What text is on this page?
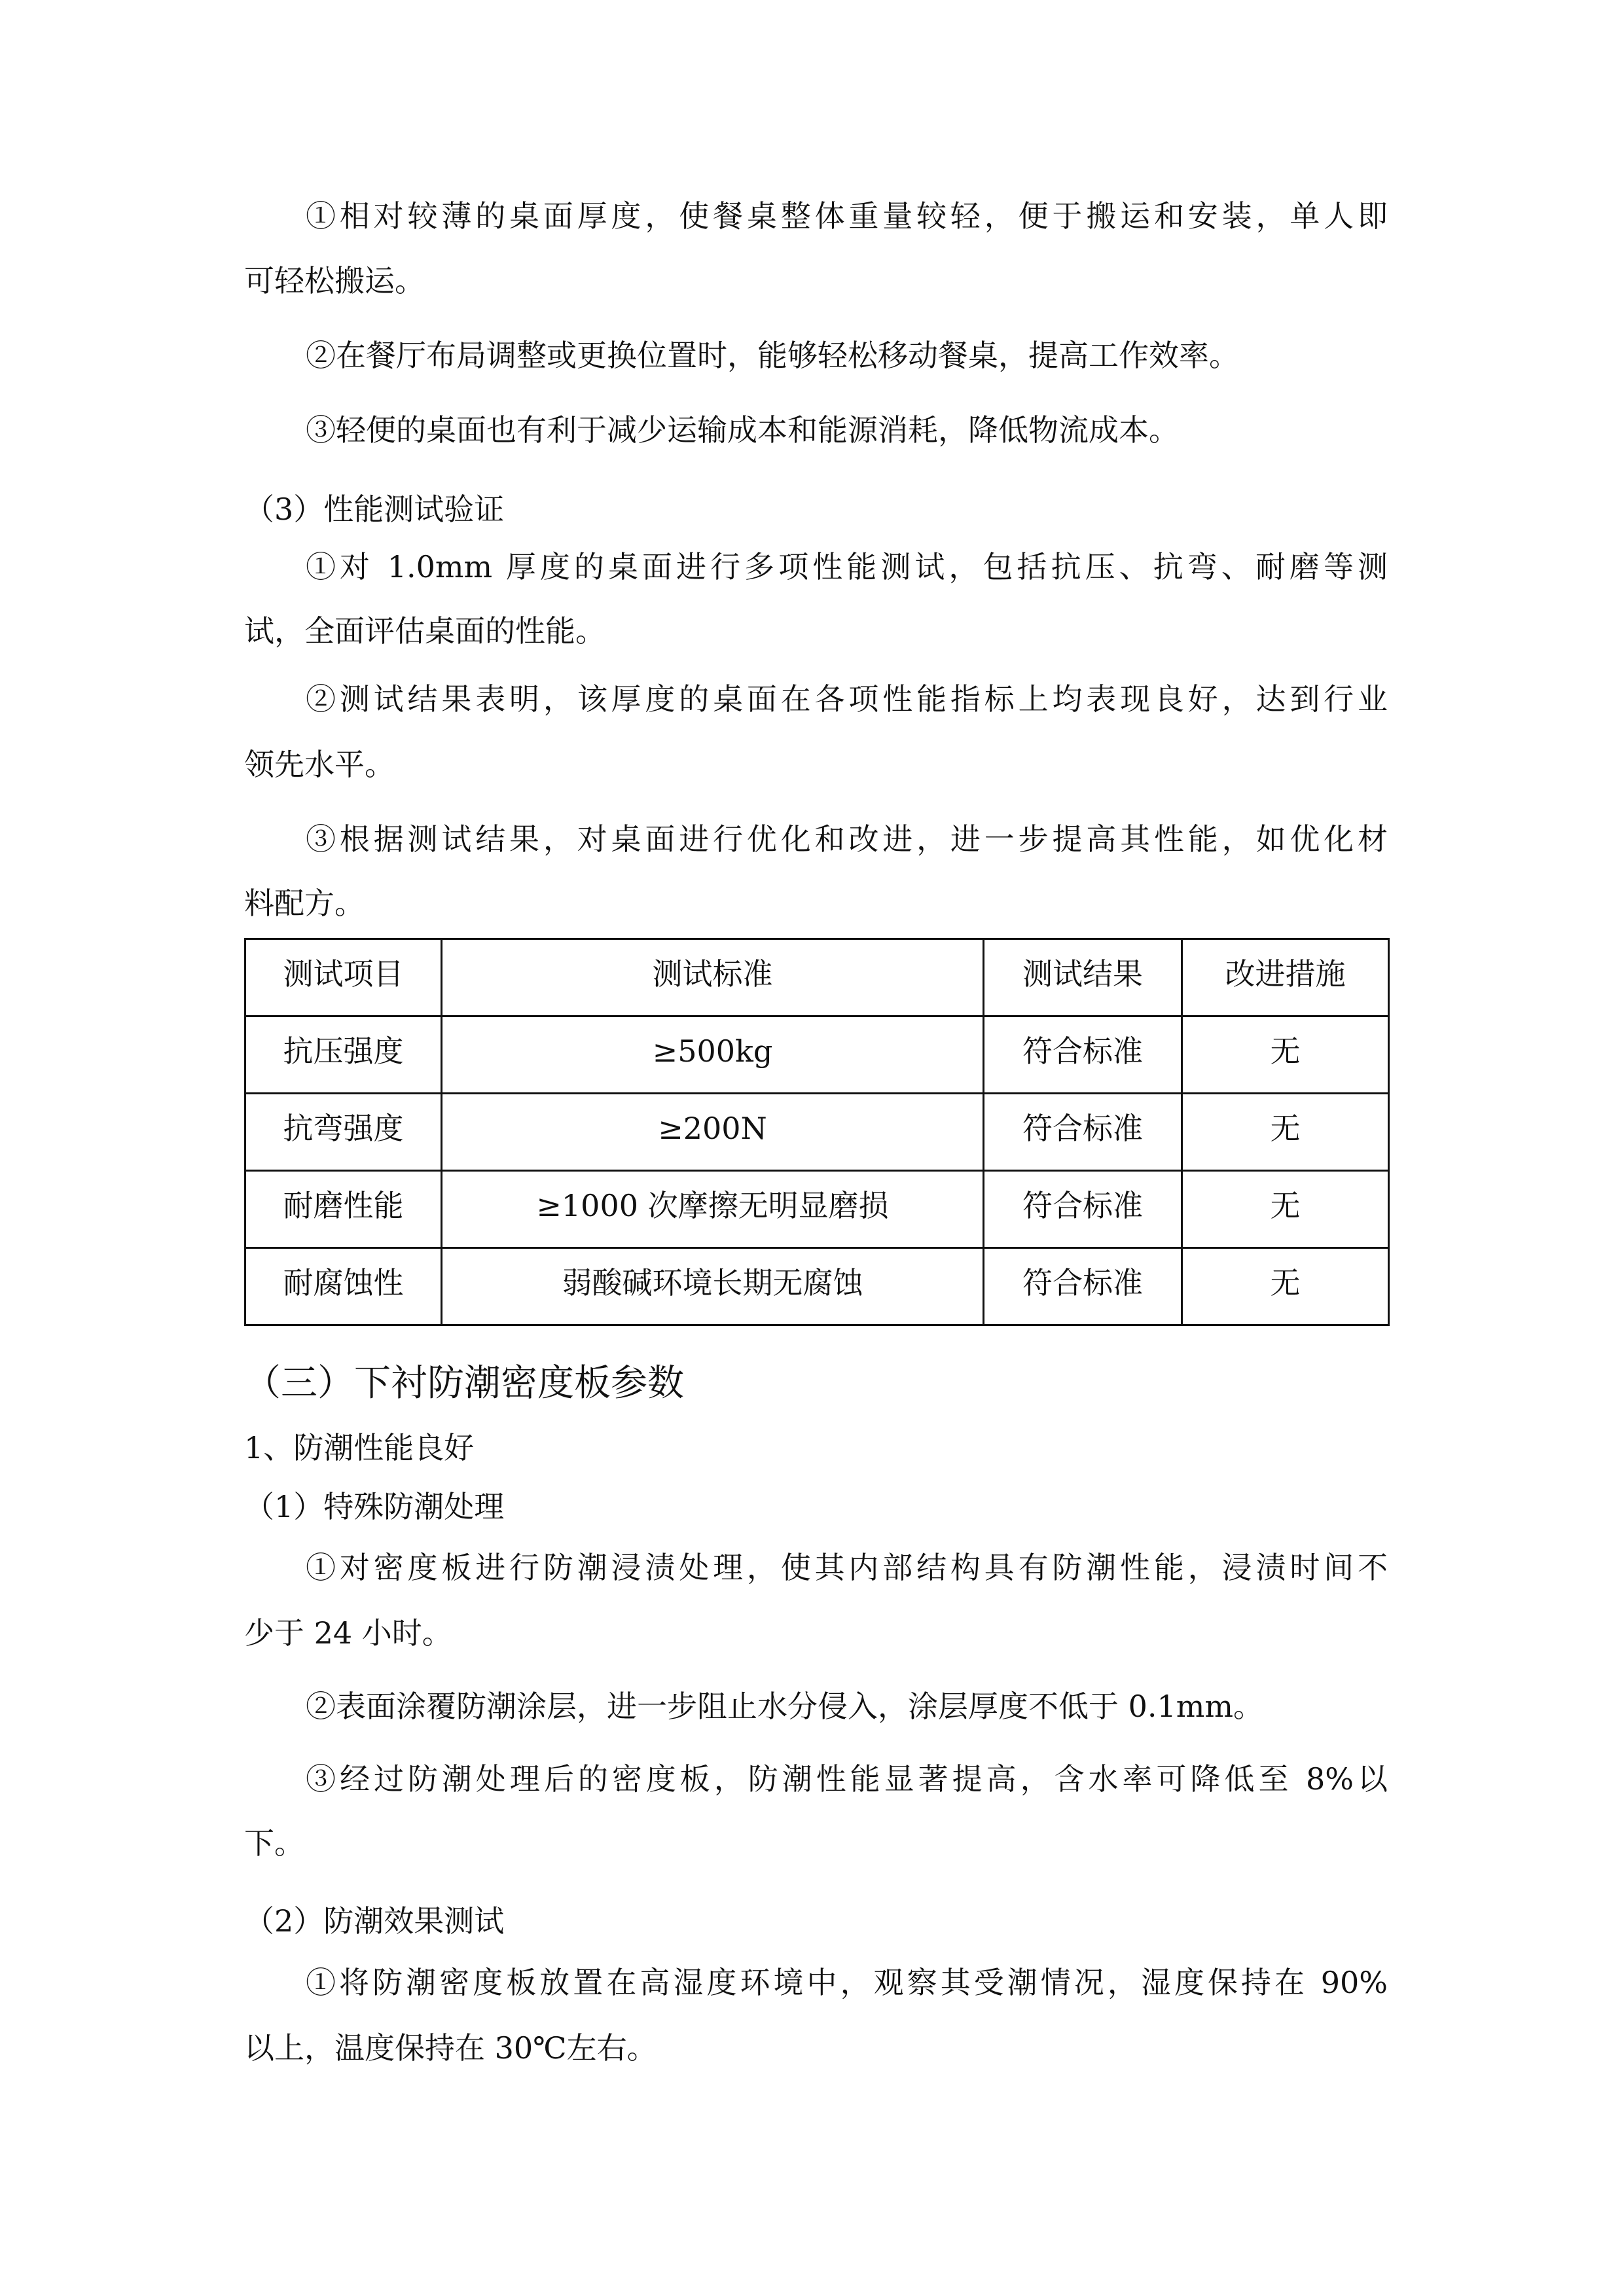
①相对较薄的桌面厚度，使餐桌整体重量较轻，便于搬运和安装，单人即

可轻松搬运。

②在餐厅布局调整或更换位置时，能够轻松移动餐桌，提高工作效率。

③轻便的桌面也有利于减少运输成本和能源消耗，降低物流成本。

（3）性能测试验证

①对 1.0mm 厚度的桌面进行多项性能测试，包括抗压、抗弯、耐磨等测

试，全面评估桌面的性能。

②测试结果表明，该厚度的桌面在各项性能指标上均表现良好，达到行业

领先水平。

③根据测试结果，对桌面进行优化和改进，进一步提高其性能，如优化材

料配方。

测试项目	测试标准	测试结果	改进措施
抗压强度	≥500kg	符合标准	无
抗弯强度	≥200N	符合标准	无
耐磨性能	≥1000 次摩擦无明显磨损	符合标准	无
耐腐蚀性	弱酸碱环境长期无腐蚀	符合标准	无
（三）下衬防潮密度板参数

1、防潮性能良好

（1）特殊防潮处理

①对密度板进行防潮浸渍处理，使其内部结构具有防潮性能，浸渍时间不

少于 24 小时。

②表面涂覆防潮涂层，进一步阻止水分侵入，涂层厚度不低于 0.1mm。

③经过防潮处理后的密度板，防潮性能显著提高，含水率可降低至 8%以

下。

（2）防潮效果测试

①将防潮密度板放置在高湿度环境中，观察其受潮情况，湿度保持在 90%

以上，温度保持在 30℃左右。
